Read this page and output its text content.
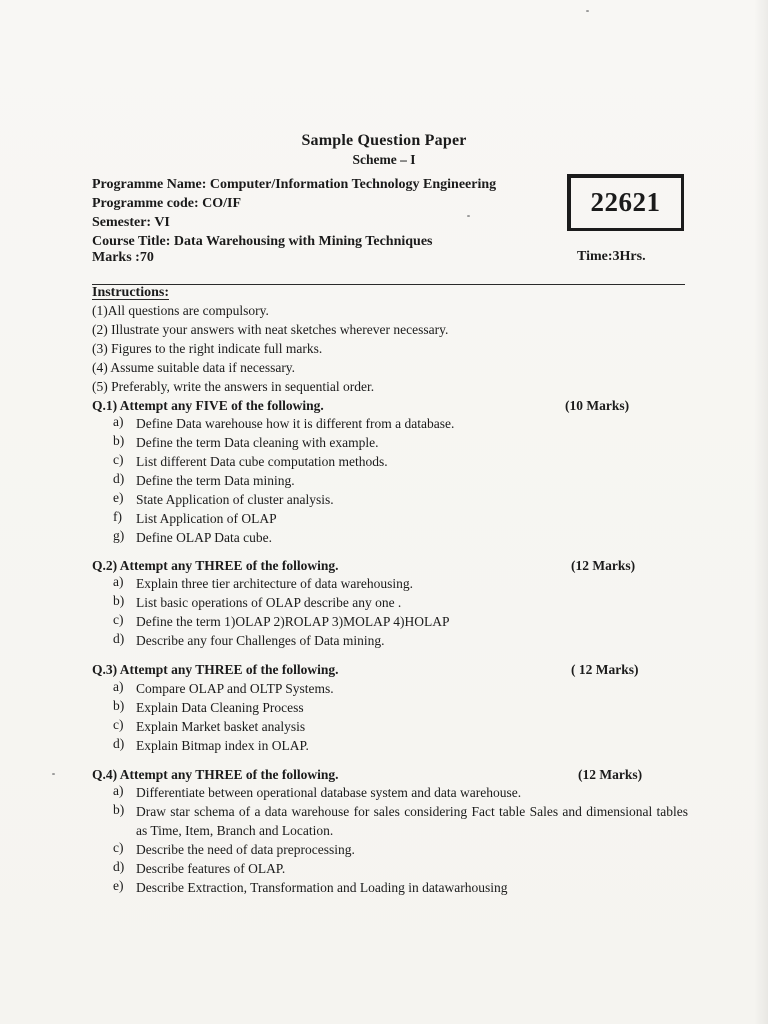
Sample Question Paper
Scheme – I
Programme Name: Computer/Information Technology Engineering
Programme code: CO/IF
Semester: VI
Course Title: Data Warehousing with Mining Techniques
Marks :70
22621
Time:3Hrs.
Instructions:
(1)All questions are compulsory.
(2) Illustrate your answers with neat sketches wherever necessary.
(3) Figures to the right indicate full marks.
(4) Assume suitable data if necessary.
(5) Preferably, write the answers in sequential order.
Q.1) Attempt any FIVE of the following.	(10 Marks)
a) Define Data warehouse how it is different from a database.
b) Define the term Data cleaning with example.
c) List different Data cube computation methods.
d) Define the term Data mining.
e) State Application of cluster analysis.
f)	List Application of OLAP
g) Define OLAP Data cube.
Q.2) Attempt any THREE of the following.	(12 Marks)
a) Explain three tier architecture of data warehousing.
b) List basic operations of OLAP describe any one .
c) Define the term 1)OLAP 2)ROLAP 3)MOLAP 4)HOLAP
d) Describe any four Challenges of Data mining.
Q.3) Attempt any THREE of the following.	( 12 Marks)
a) Compare OLAP and OLTP Systems.
b) Explain Data Cleaning Process
c) Explain Market basket analysis
d) Explain Bitmap index in OLAP.
Q.4) Attempt any THREE of the following.	(12 Marks)
a) Differentiate between operational database system and data warehouse.
b) Draw star schema of a data warehouse for sales considering Fact table Sales and dimensional tables as Time, Item, Branch and Location.
c) Describe the need of data preprocessing.
d) Describe features of OLAP.
e) Describe Extraction, Transformation and Loading in datawarhousing
